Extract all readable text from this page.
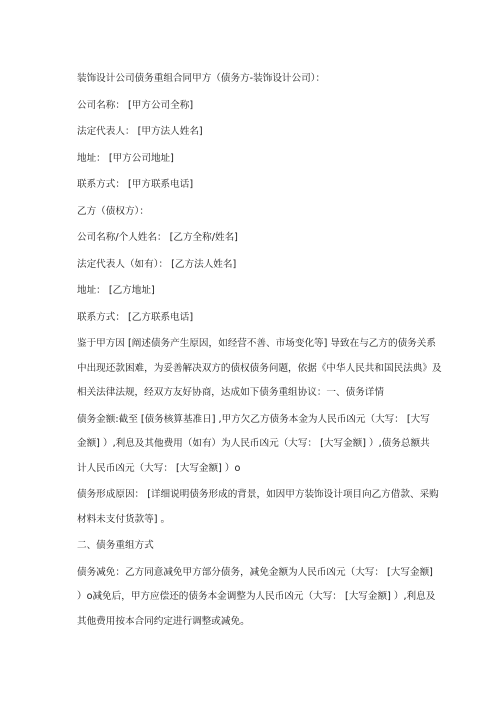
装饰设计公司债务重组合同甲方（债务方-装饰设计公司）：

公司名称： [甲方公司全称]

法定代表人： [甲方法人姓名]

地址： [甲方公司地址]

联系方式： [甲方联系电话]

乙方（债权方）：

公司名称/个人姓名： [乙方全称/姓名]

法定代表人（如有）： [乙方法人姓名]

地址： [乙方地址]

联系方式： [乙方联系电话]

鉴于甲方因 [阐述债务产生原因，如经营不善、市场变化等] 导致在与乙方的债务关系

中出现还款困难，为妥善解决双方的债权债务问题，依据《中华人民共和国民法典》及

相关法律法规，经双方友好协商，达成如下债务重组协议：一、债务详情

债务金额:截至 [债务核算基准日] ,甲方欠乙方债务本金为人民币凶元（大写： [大写

金额] ）,利息及其他费用（如有）为人民币凶元（大写： [大写金额] ）,债务总额共

计人民币凶元（大写： [大写金额] ）o

债务形成原因： [详细说明债务形成的背景，如因甲方装饰设计项目向乙方借款、采购

材料未支付货款等] 。

二、债务重组方式

债务减免：乙方同意减免甲方部分债务，减免金额为人民币凶元（大写： [大写金额]

）o减免后，甲方应偿还的债务本金调整为人民币凶元（大写： [大写金额] ）,利息及

其他费用按本合同约定进行调整或减免。
